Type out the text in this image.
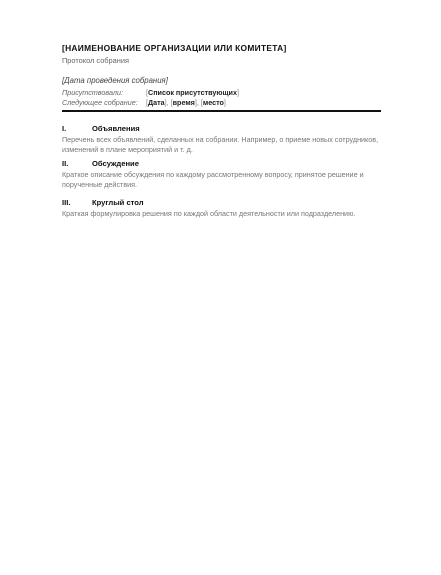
[НАИМЕНОВАНИЕ ОРГАНИЗАЦИИ ИЛИ КОМИТЕТА]
Протокол собрания
[Дата проведения собрания]
Присутствовали:	[Список присутствующих]
Следующее собрание: [Дата], [время], [место]
I.	Объявления
Перечень всех объявлений, сделанных на собрании. Например, о приеме новых сотрудников, изменений в плане мероприятий и т. д.
II.	Обсуждение
Краткое описание обсуждения по каждому рассмотренному вопросу, принятое решение и порученные действия.
III.	Круглый стол
Краткая формулировка решения по каждой области деятельности или подразделению.
